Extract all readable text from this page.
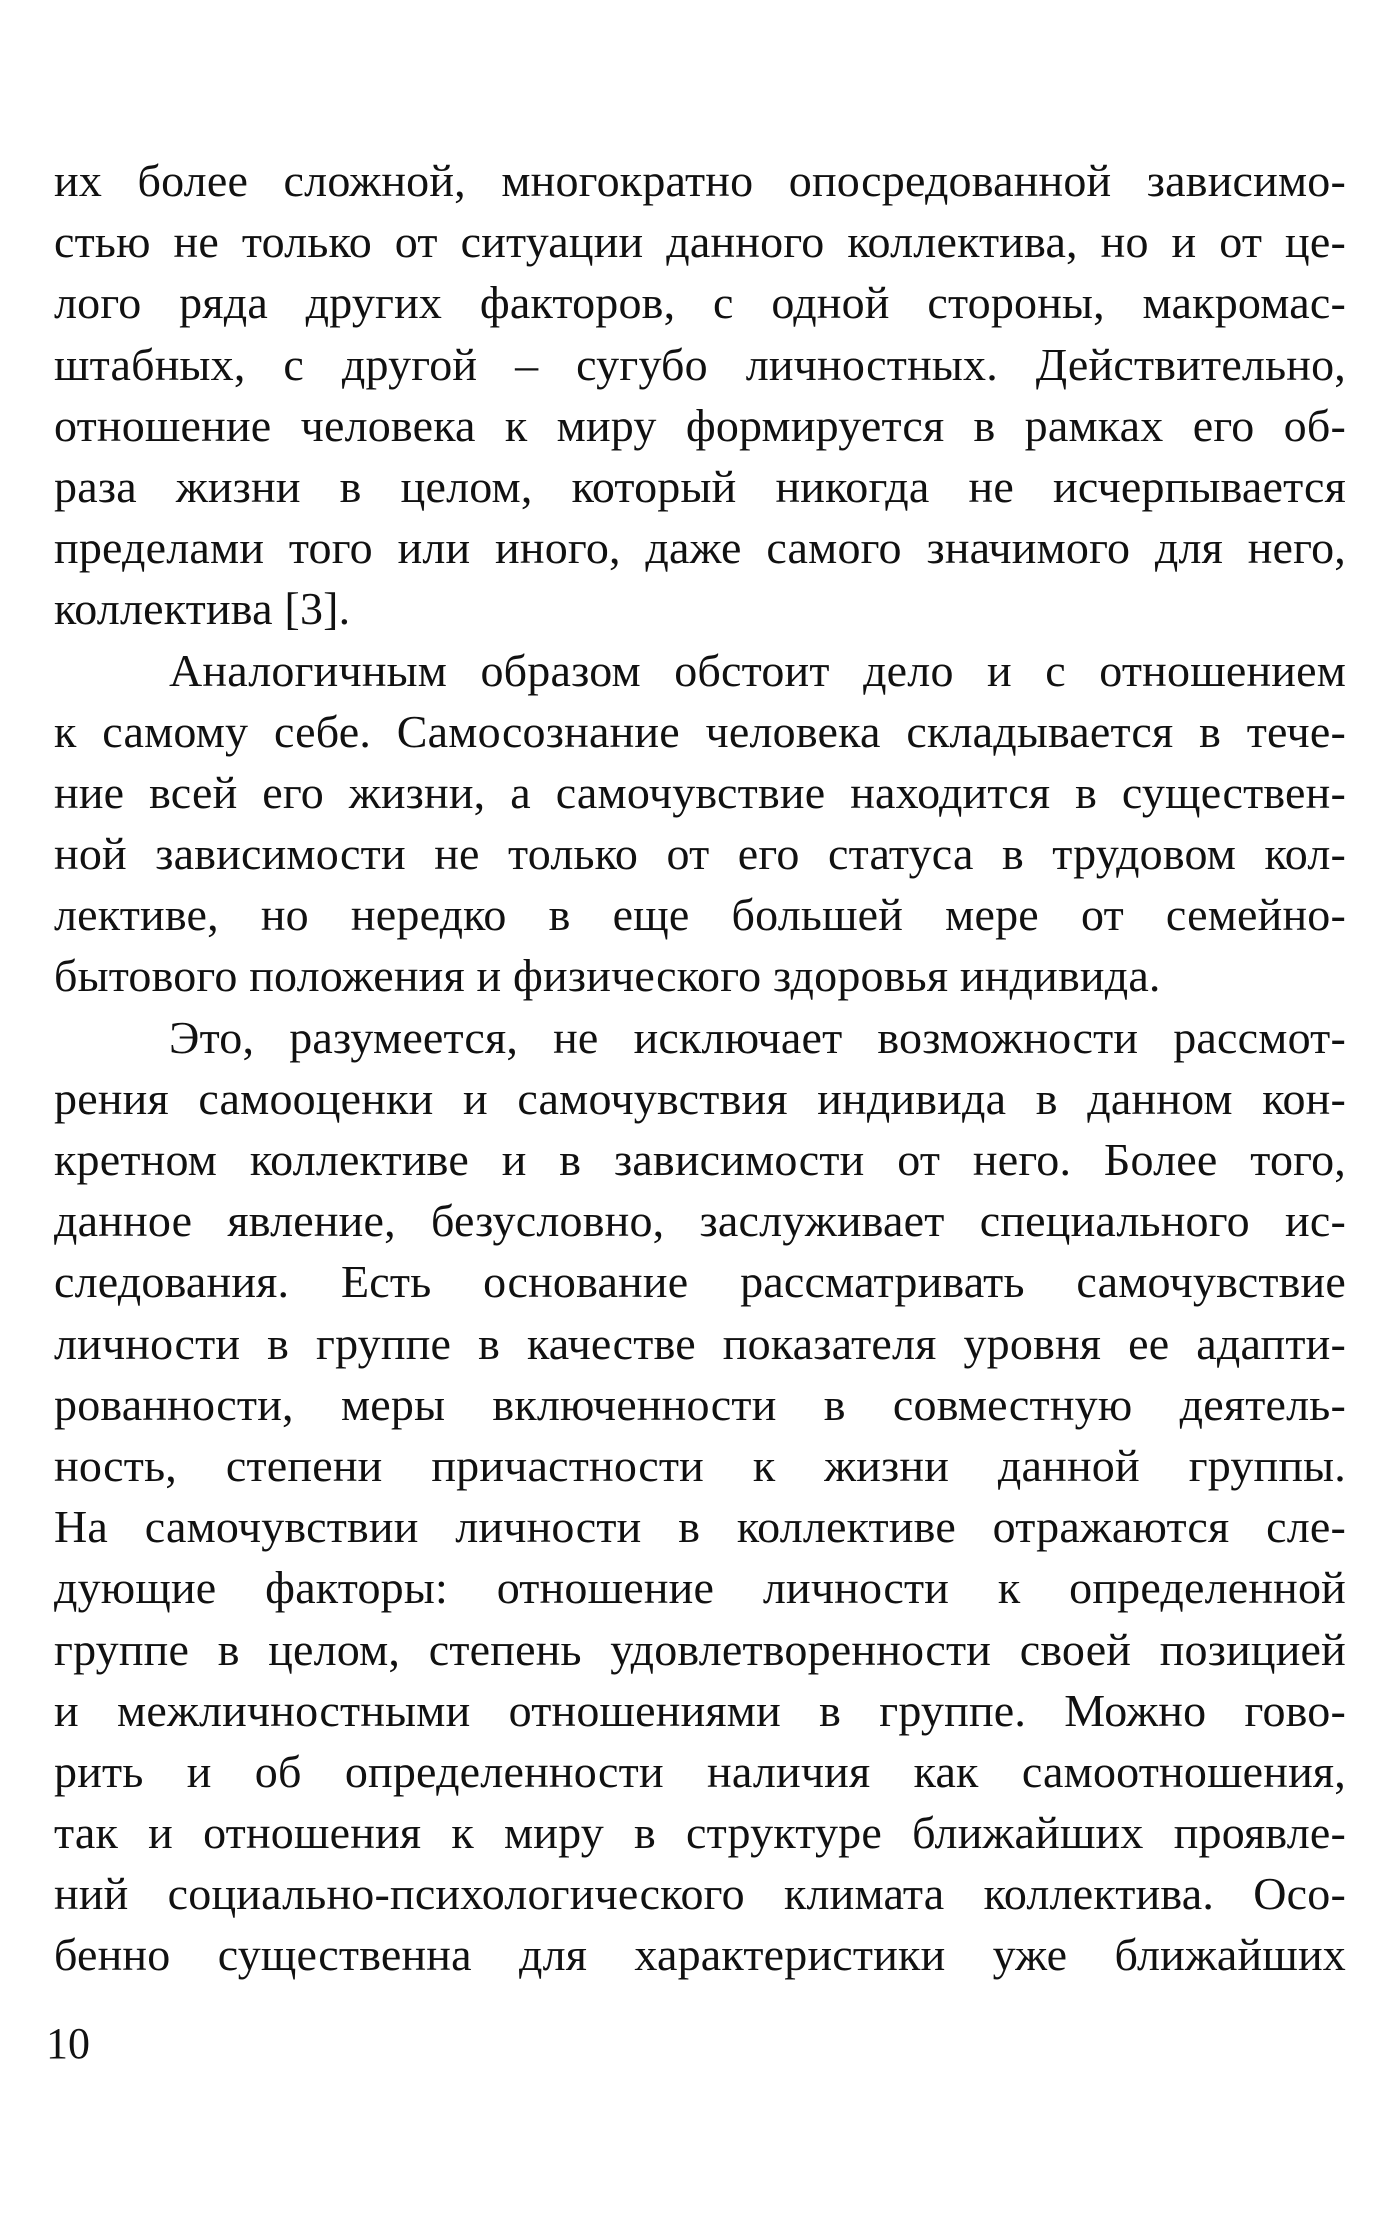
их более сложной, многократно опосредованной зависимо-
стью не только от ситуации данного коллектива, но и от це-
лого ряда других факторов, с одной стороны, макромас-
штабных, с другой – сугубо личностных. Действительно,
отношение человека к миру формируется в рамках его об-
раза жизни в целом, который никогда не исчерпывается
пределами того или иного, даже самого значимого для него,
коллектива [3].
Аналогичным образом обстоит дело и с отношением
к самому себе. Самосознание человека складывается в тече-
ние всей его жизни, а самочувствие находится в существен-
ной зависимости не только от его статуса в трудовом кол-
лективе, но нередко в еще большей мере от семейно-
бытового положения и физического здоровья индивида.
Это, разумеется, не исключает возможности рассмот-
рения самооценки и самочувствия индивида в данном кон-
кретном коллективе и в зависимости от него. Более того,
данное явление, безусловно, заслуживает специального ис-
следования. Есть основание рассматривать самочувствие
личности в группе в качестве показателя уровня ее адапти-
рованности, меры включенности в совместную деятель-
ность, степени причастности к жизни данной группы.
На самочувствии личности в коллективе отражаются сле-
дующие факторы: отношение личности к определенной
группе в целом, степень удовлетворенности своей позицией
и межличностными отношениями в группе. Можно гово-
рить и об определенности наличия как самоотношения,
так и отношения к миру в структуре ближайших проявле-
ний социально-психологического климата коллектива. Осо-
бенно существенна для характеристики уже ближайших
10
